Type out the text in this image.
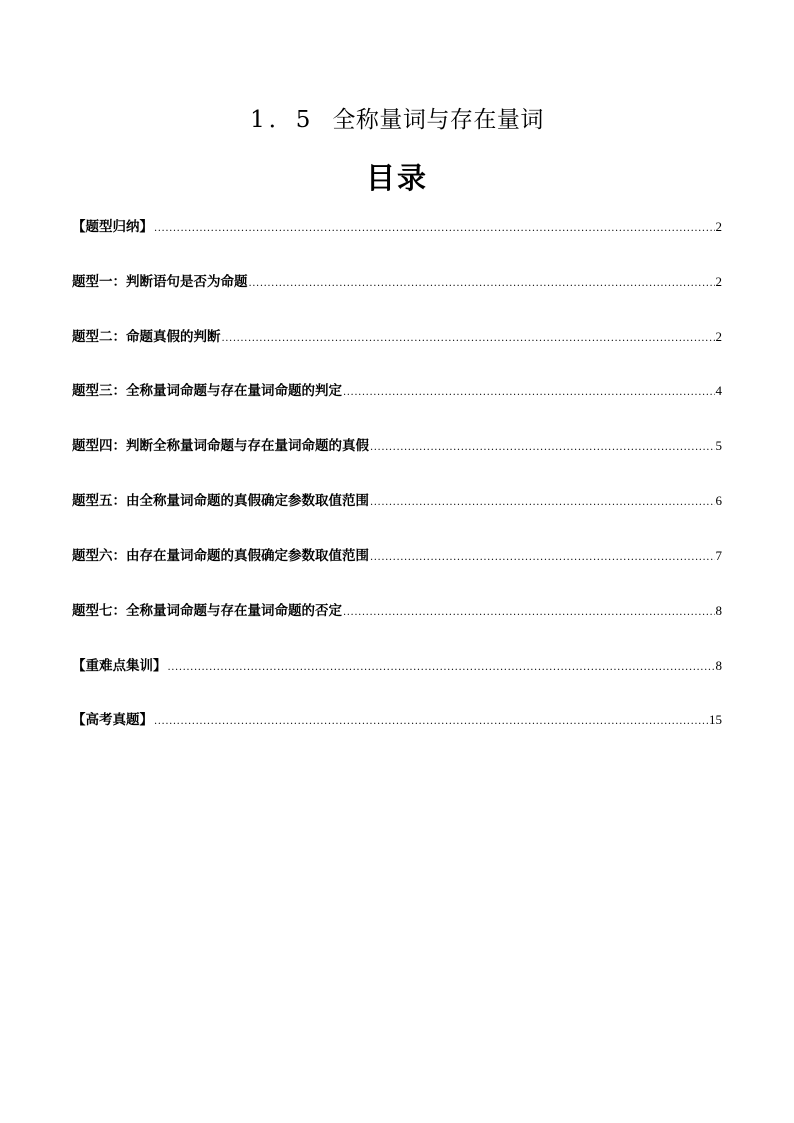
1．5 全称量词与存在量词
目录
【题型归纳】 .....	2
题型一：判断语句是否为命题 .....	2
题型二：命题真假的判断 .....	2
题型三：全称量词命题与存在量词命题的判定 .....	4
题型四：判断全称量词命题与存在量词命题的真假 .....	5
题型五：由全称量词命题的真假确定参数取值范围 .....	6
题型六：由存在量词命题的真假确定参数取值范围 .....	7
题型七：全称量词命题与存在量词命题的否定 .....	8
【重难点集训】 .....	8
【高考真题】 .....	15
